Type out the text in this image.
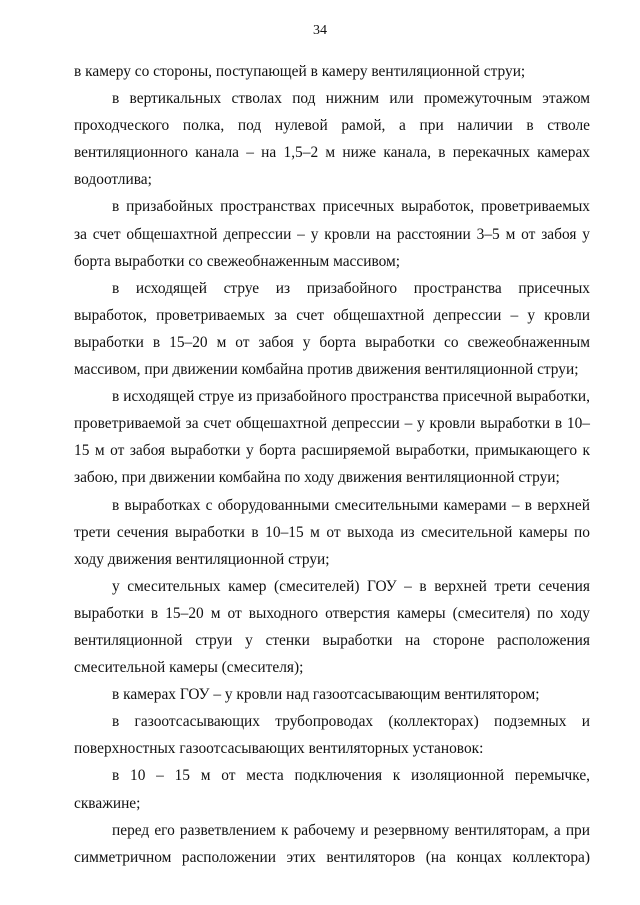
34

в камеру со стороны, поступающей в камеру вентиляционной струи;

в вертикальных стволах под нижним или промежуточным этажом проходческого полка, под нулевой рамой, а при наличии в стволе вентиляционного канала – на 1,5–2 м ниже канала, в перекачных камерах водоотлива;

в призабойных пространствах присечных выработок, проветриваемых за счет общешахтной депрессии – у кровли на расстоянии 3–5 м от забоя у борта выработки со свежеобнаженным массивом;

в исходящей струе из призабойного пространства присечных выработок, проветриваемых за счет общешахтной депрессии – у кровли выработки в 15–20 м от забоя у борта выработки со свежеобнаженным массивом, при движении комбайна против движения вентиляционной струи;

в исходящей струе из призабойного пространства присечной выработки, проветриваемой за счет общешахтной депрессии – у кровли выработки в 10–15 м от забоя выработки у борта расширяемой выработки, примыкающего к забою, при движении комбайна по ходу движения вентиляционной струи;

в выработках с оборудованными смесительными камерами – в верхней трети сечения выработки в 10–15 м от выхода из смесительной камеры по ходу движения вентиляционной струи;

у смесительных камер (смесителей) ГОУ – в верхней трети сечения выработки в 15–20 м от выходного отверстия камеры (смесителя) по ходу вентиляционной струи у стенки выработки на стороне расположения смесительной камеры (смесителя);

в камерах ГОУ – у кровли над газоотсасывающим вентилятором;

в газоотсасывающих трубопроводах (коллекторах) подземных и поверхностных газоотсасывающих вентиляторных установок:

в 10 – 15 м от места подключения к изоляционной перемычке, скважине;

перед его разветвлением к рабочему и резервному вентиляторам, а при симметричном расположении этих вентиляторов (на концах коллектора)
